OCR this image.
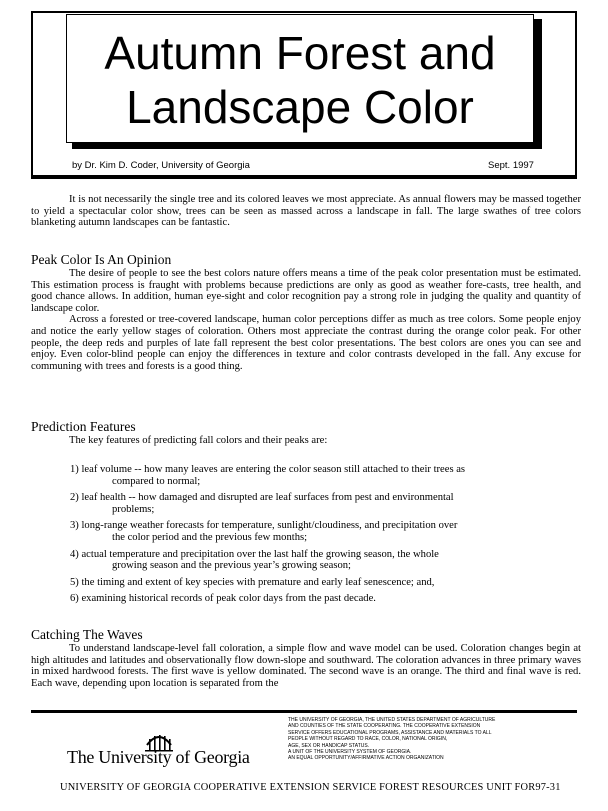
Autumn Forest and
Landscape Color
by Dr. Kim D. Coder, University of Georgia	Sept. 1997

It is not necessarily the single tree and its colored leaves we most appreciate. As annual flowers may be massed together to yield a spectacular color show, trees can be seen as massed across a landscape in fall. The large swathes of tree colors blanketing autumn landscapes can be fantastic.

Peak Color Is An Opinion

The desire of people to see the best colors nature offers means a time of the peak color presentation must be estimated. This estimation process is fraught with problems because predictions are only as good as weather fore-casts, tree health, and good chance allows. In addition, human eye-sight and color recognition pay a strong role in judging the quality and quantity of landscape color.

Across a forested or tree-covered landscape, human color perceptions differ as much as tree colors. Some people enjoy and notice the early yellow stages of coloration. Others most appreciate the contrast during the orange color peak. For other people, the deep reds and purples of late fall represent the best color presentations. The best colors are ones you can see and enjoy. Even color-blind people can enjoy the differences in texture and color contrasts developed in the fall. Any excuse for communing with trees and forests is a good thing.

Prediction Features

The key features of predicting fall colors and their peaks are:

1) leaf volume -- how many leaves are entering the color season still attached to their trees as
compared to normal;
2) leaf health -- how damaged and disrupted are leaf surfaces from pest and environmental
problems;
3) long-range weather forecasts for temperature, sunlight/cloudiness, and precipitation over
the color period and the previous few months;
4) actual temperature and precipitation over the last half the growing season, the whole
growing season and the previous year’s growing season;
5) the timing and extent of key species with premature and early leaf senescence; and,
6) examining historical records of peak color days from the past decade.
Catching The Waves

To understand landscape-level fall coloration, a simple flow and wave model can be used. Coloration changes begin at high altitudes and latitudes and observationally flow down-slope and southward. The coloration advances in three primary waves in mixed hardwood forests. The first wave is yellow dominated. The second wave is an orange. The third and final wave is red. Each wave, depending upon location is separated from the

The University of Georgia
THE UNIVERSITY OF GEORGIA, THE UNITED STATES DEPARTMENT OF AGRICULTURE
AND COUNTIES OF THE STATE COOPERATING. THE COOPERATIVE EXTENSION
SERVICE OFFERS EDUCATIONAL PROGRAMS, ASSISTANCE AND MATERIALS TO ALL
PEOPLE WITHOUT REGARD TO RACE, COLOR, NATIONAL ORIGIN,
AGE, SEX OR HANDICAP STATUS.
A UNIT OF THE UNIVERSITY SYSTEM OF GEORGIA.
AN EQUAL OPPORTUNITY/AFFIRMATIVE ACTION ORGANIZATION
UNIVERSITY OF GEORGIA COOPERATIVE EXTENSION SERVICE FOREST RESOURCES UNIT FOR97-31
